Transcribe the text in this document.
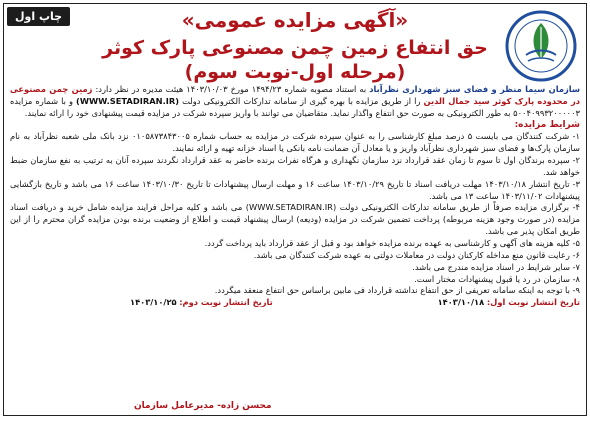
چاپ اول	«آگهی مزایده عمومی»
حق انتفاع زمین چمن مصنوعی پارک کوثر (مرحله اول-نوبت سوم)

سازمان سیما منظر و فضای سبز شهرداری نظرآباد به استناد مصوبه شماره ۱۴۹۴/۲۳ مورخ ۱۴۰۳/۱۰/۰۳ هیئت مدیره در نظر دارد: زمین چمن مصنوعی در محدوده پارک کوثر سید جمال الدین را از طریق مزایده با بهره گیری از سامانه تدارکات الکترونیکی دولت (WWW.SETADIRAN.IR) و با شماره مزایده ۵۰۰۴۰۹۹۳۲۰۰۰۰۰۳ به طور الکترونیکی به صورت حق انتفاع واگذار نماید. متقاضیان می توانند با واریز سپرده شرکت در مزایده قیمت پیشنهادی خود را ارائه نمایند.

شرایط مزایده:

۱- شرکت کنندگان می بایست ۵ درصد مبلغ کارشناسی را به عنوان سپرده شرکت در مزایده به حساب شماره ۰۱۰۵۸۷۳۸۴۳۰۰۵ نزد بانک ملی شعبه نظرآباد به نام سازمان پارک‌ها و فضای سبز شهرداری نظرآباد واریز و یا معادل آن ضمانت نامه بانکی یا اسناد خزانه تهیه و ارائه نمایند.

۲- سپرده برندگان اول تا سوم تا زمان عقد قرارداد نزد سازمان نگهداری و هرگاه نفرات برنده حاضر به عقد قرارداد نگردند سپرده آنان به ترتیب به نفع سازمان ضبط خواهد شد.

۳- تاریخ انتشار ۱۴۰۳/۱۰/۱۸ مهلت دریافت اسناد تا تاریخ ۱۴۰۳/۱۰/۲۹ ساعت ۱۶ و مهلت ارسال پیشنهادات تا تاریخ ۱۴۰۳/۱۰/۳۰ ساعت ۱۶ می باشد و تاریخ بازگشایی پیشنهادات ۱۴۰۳/۱۱/۰۲ ساعت ۱۳ می باشد.

۴- برگزاری مزایده صرفاً از طریق سامانه تدارکات الکترونیکی دولت (WWW.SETADIRAN.IR) می باشد و کلیه مراحل فرایند مزایده شامل خرید و دریافت اسناد مزایده (در صورت وجود هزینه مربوطه) پرداخت تضمین شرکت در مزایده (ودیعه) ارسال پیشنهاد قیمت و اطلاع از وضعیت برنده بودن مزایده گران محترم را از این طریق امکان پذیر می باشد.

۵- کلیه هزینه های آگهی و کارشناسی به عهده برنده مزایده خواهد بود و قبل از عقد قرارداد باید پرداخت گردد.

۶- رعایت قانون منع مداخله کارکنان دولت در معاملات دولتی به عهده شرکت کنندگان می باشد.

۷- سایر شرایط در اسناد مزایده مندرج می باشد.

۸- سازمان در رد یا قبول پیشنهادات مختار است.

۹- با توجه به اینکه سامانه تعریفی از حق انتفاع نداشته قرارداد فی مابین براساس حق انتفاع منعقد میگردد.

تاریخ انتشار نوبت اول: ۱۴۰۳/۱۰/۱۸
تاریخ انتشار نوبت دوم: ۱۴۰۳/۱۰/۲۵
محسن زاده- مدیرعامل سازمان
